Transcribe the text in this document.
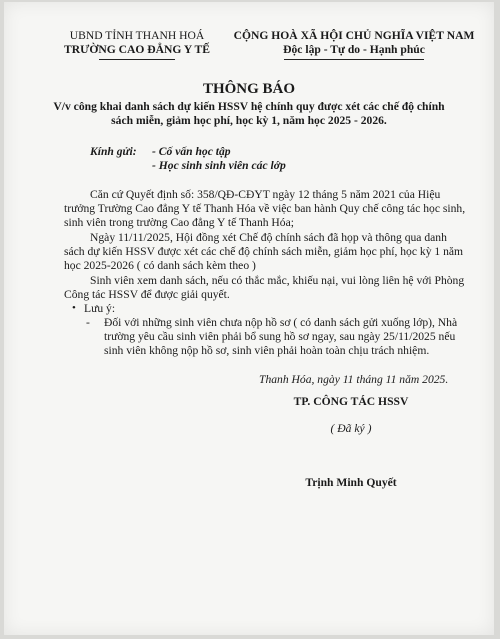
UBND TỈNH THANH HOÁ
TRƯỜNG CAO ĐẲNG Y TẾ
CỘNG HOÀ XÃ HỘI CHỦ NGHĨA VIỆT NAM
Độc lập - Tự do - Hạnh phúc
THÔNG BÁO
V/v công khai danh sách dự kiến HSSV hệ chính quy được xét các chế độ chính
sách miễn, giảm học phí, học kỳ 1, năm học 2025 - 2026.
Kính gửi: - Cố vấn học tập
- Học sinh sinh viên các lớp
Căn cứ Quyết định số: 358/QĐ-CĐYT ngày 12 tháng 5 năm 2021 của Hiệu
trưởng Trường Cao đẳng Y tế Thanh Hóa về việc ban hành Quy chế công tác học sinh,
sinh viên trong trường Cao đẳng Y tế Thanh Hóa;
Ngày 11/11/2025, Hội đồng xét Chế độ chính sách đã họp và thông qua danh
sách dự kiến HSSV được xét các chế độ chính sách miễn, giảm học phí, học kỳ 1 năm
học 2025-2026 ( có danh sách kèm theo )
Sinh viên xem danh sách, nếu có thắc mắc, khiếu nại, vui lòng liên hệ với Phòng
Công tác HSSV để được giải quyết.
• Lưu ý:
- Đối với những sinh viên chưa nộp hồ sơ ( có danh sách gửi xuống lớp), Nhà
trường yêu cầu sinh viên phải bổ sung hồ sơ ngay, sau ngày 25/11/2025 nếu
sinh viên không nộp hồ sơ, sinh viên phải hoàn toàn chịu trách nhiệm.
Thanh Hóa, ngày 11 tháng 11 năm 2025.
TP. CÔNG TÁC HSSV
( Đã ký )
Trịnh Minh Quyết
